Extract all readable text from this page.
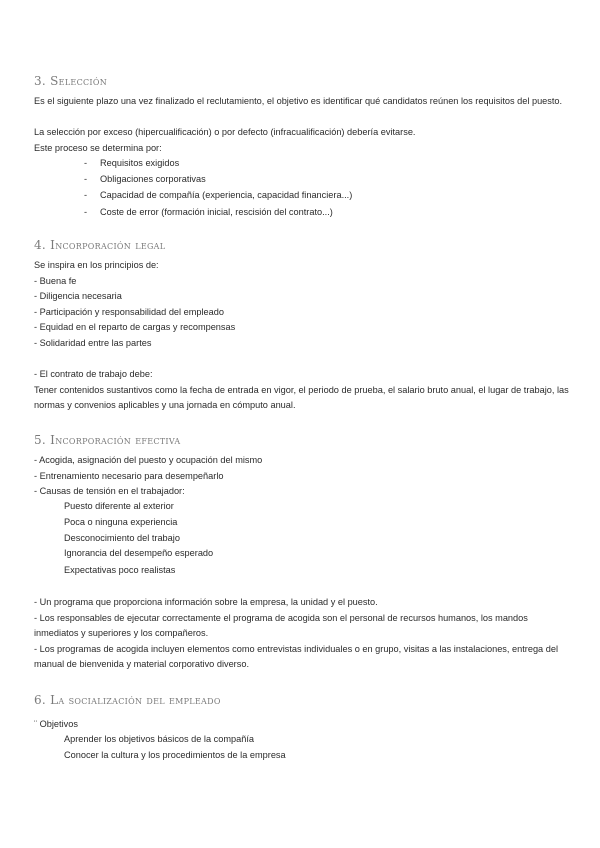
3. Selección
Es el siguiente plazo una vez finalizado el reclutamiento, el objetivo es identificar qué candidatos reúnen los requisitos del puesto.
La selección por exceso (hipercualificación) o por defecto (infracualificación) debería evitarse.
Este proceso se determina por:
- Requisitos exigidos
- Obligaciones corporativas
- Capacidad de compañía (experiencia, capacidad financiera...)
- Coste de error (formación inicial, rescisión del contrato...)
4. Incorporación legal
Se inspira en los principios de:
- Buena fe
- Diligencia necesaria
- Participación y responsabilidad del empleado
- Equidad en el reparto de cargas y recompensas
- Solidaridad entre las partes
- El contrato de trabajo debe:
Tener contenidos sustantivos como la fecha de entrada en vigor, el periodo de prueba, el salario bruto anual, el lugar de trabajo, las normas y convenios aplicables y una jornada en cómputo anual.
5. Incorporación efectiva
- Acogida, asignación del puesto y ocupación del mismo
- Entrenamiento necesario para desempeñarlo
- Causas de tensión en el trabajador:
Puesto diferente al exterior
Poca o ninguna experiencia
Desconocimiento del trabajo
Ignorancia del desempeño esperado
Expectativas poco realistas
- Un programa que proporciona información sobre la empresa, la unidad y el puesto.
- Los responsables de ejecutar correctamente el programa de acogida son el personal de recursos humanos, los mandos inmediatos y superiores y los compañeros.
- Los programas de acogida incluyen elementos como entrevistas individuales o en grupo, visitas a las instalaciones, entrega del manual de bienvenida y material corporativo diverso.
6. La socialización del empleado
¨ Objetivos
Aprender los objetivos básicos de la compañía
Conocer la cultura y los procedimientos de la empresa
